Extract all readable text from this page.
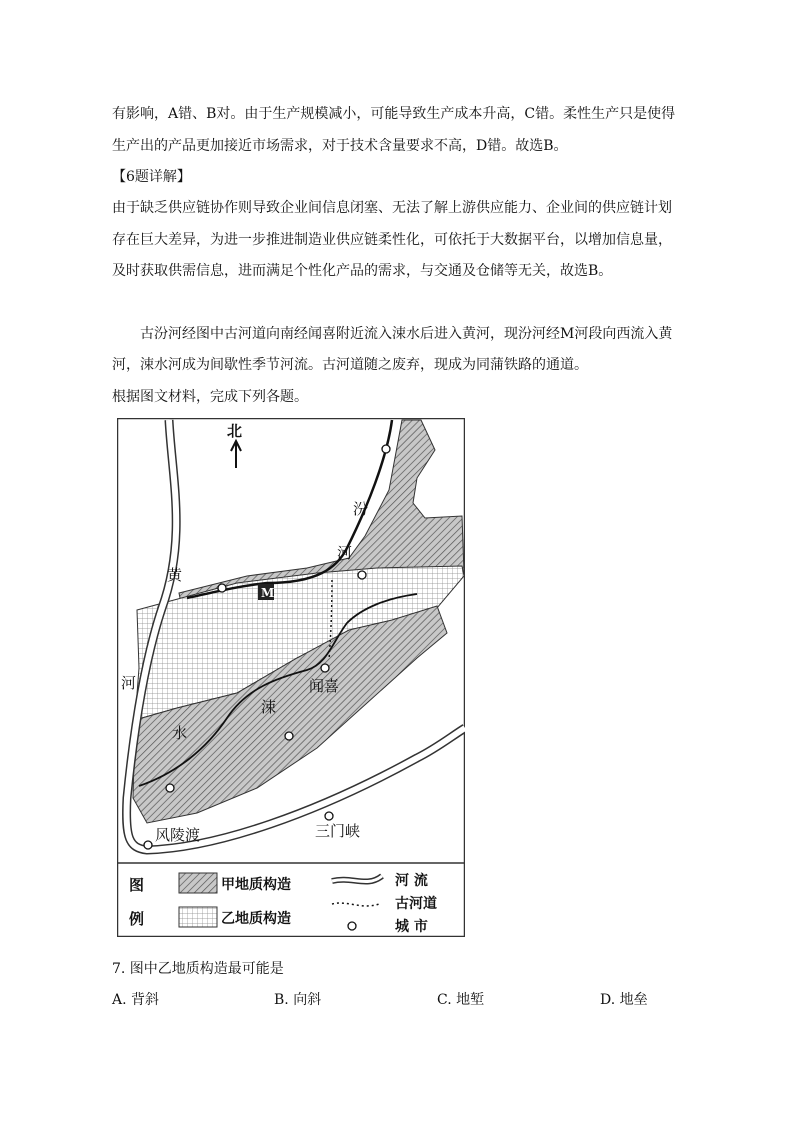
有影响，A错、B对。由于生产规模减小，可能导致生产成本升高，C错。柔性生产只是使得
生产出的产品更加接近市场需求，对于技术含量要求不高，D错。故选B。
【6题详解】
由于缺乏供应链协作则导致企业间信息闭塞、无法了解上游供应能力、企业间的供应链计划
存在巨大差异，为进一步推进制造业供应链柔性化，可依托于大数据平台，以增加信息量，
及时获取供需信息，进而满足个性化产品的需求，与交通及仓储等无关，故选B。
古汾河经图中古河道向南经闻喜附近流入涑水后进入黄河，现汾河经M河段向西流入黄
河，涑水河成为间歇性季节河流。古河道随之废弃，现成为同蒲铁路的通道。
根据图文材料，完成下列各题。
北
黄
河
汾
河
涑
水
M
闻喜
风陵渡	三门峡
图
例
甲地质构造
乙地质构造
河 流
古河道
城 市
7. 图中乙地质构造最可能是
A. 背斜	B. 向斜	C. 地堑	D. 地垒
